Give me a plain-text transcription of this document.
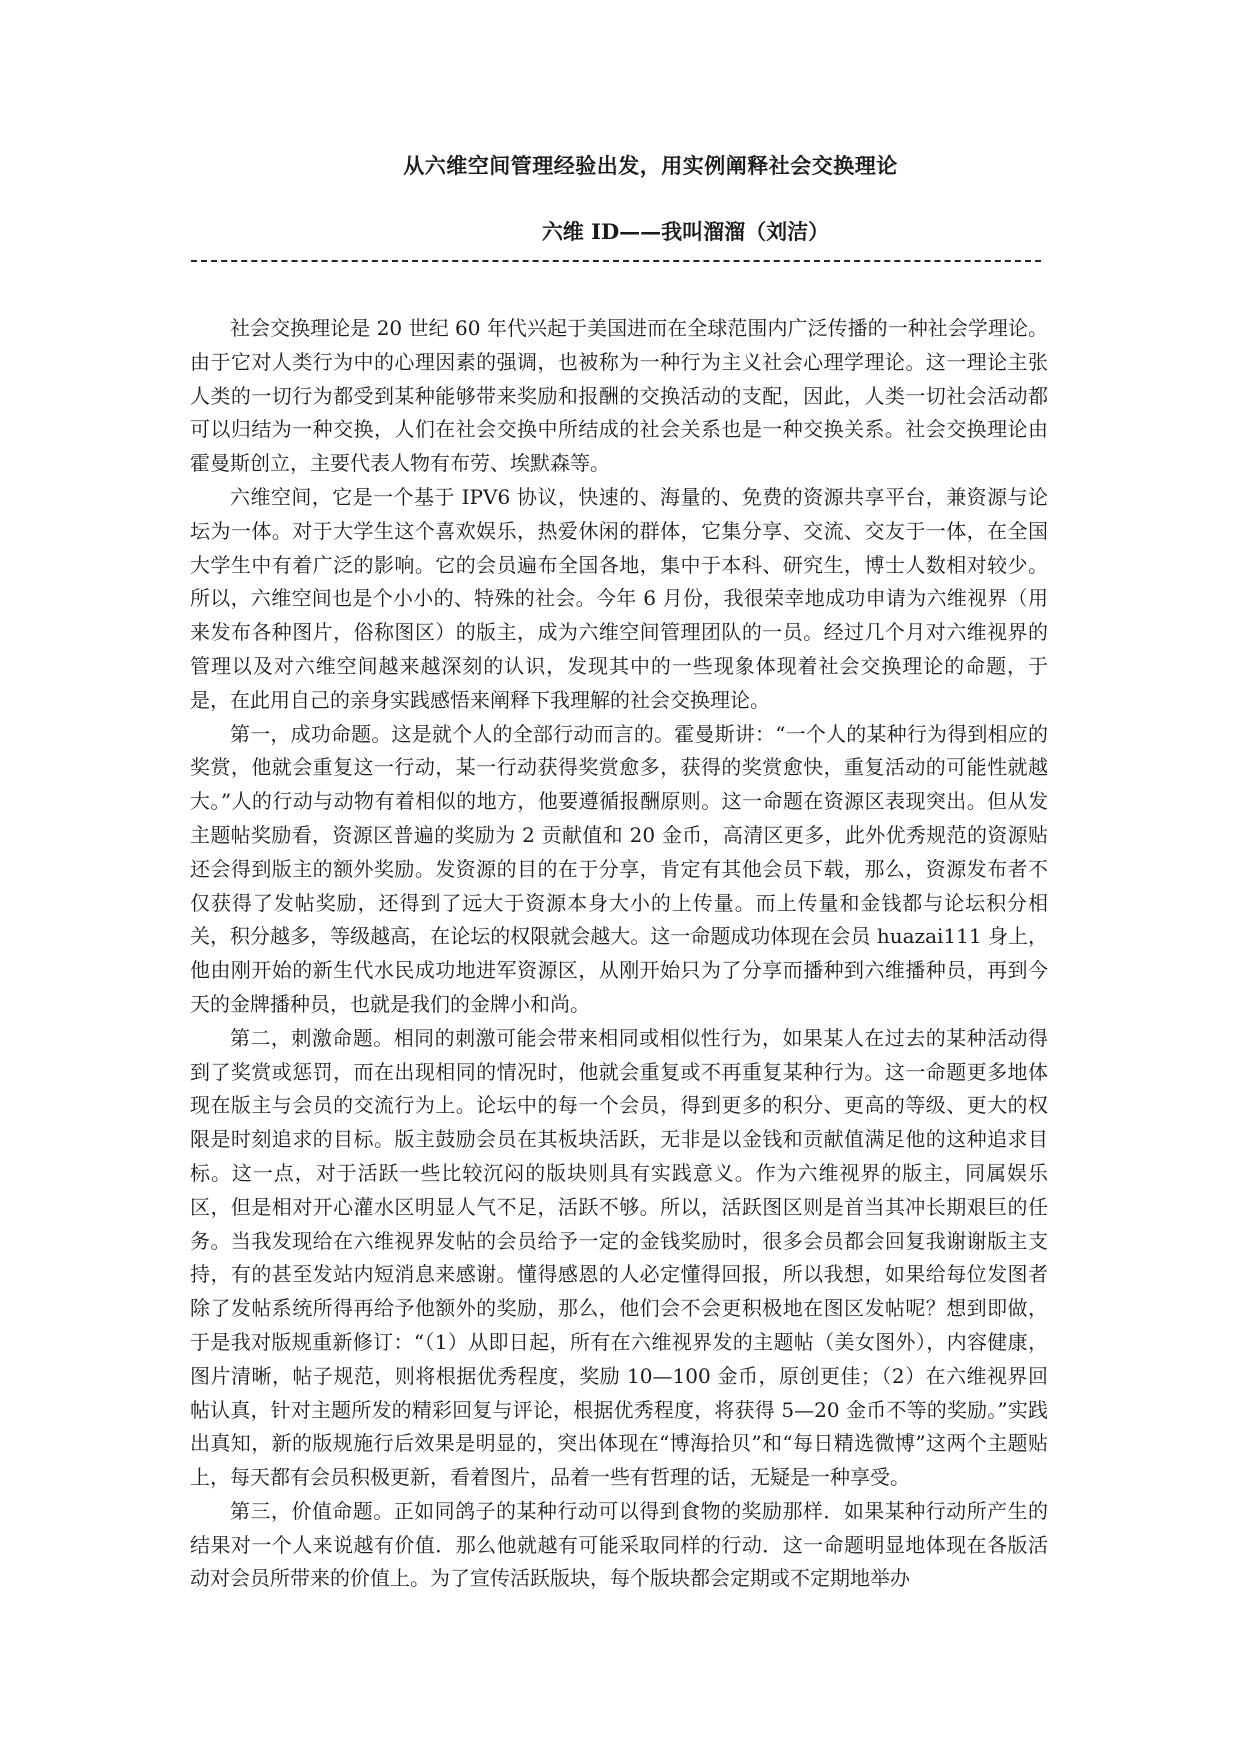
从六维空间管理经验出发，用实例阐释社会交换理论
六维 ID——我叫溜溜（刘洁）

社会交换理论是 20 世纪 60 年代兴起于美国进而在全球范围内广泛传播的一种社会学理论。由于它对人类行为中的心理因素的强调，也被称为一种行为主义社会心理学理论。这一理论主张人类的一切行为都受到某种能够带来奖励和报酬的交换活动的支配，因此，人类一切社会活动都可以归结为一种交换，人们在社会交换中所结成的社会关系也是一种交换关系。社会交换理论由霍曼斯创立，主要代表人物有布劳、埃默森等。

六维空间，它是一个基于 IPV6 协议，快速的、海量的、免费的资源共享平台，兼资源与论坛为一体。对于大学生这个喜欢娱乐，热爱休闲的群体，它集分享、交流、交友于一体，在全国大学生中有着广泛的影响。它的会员遍布全国各地，集中于本科、研究生，博士人数相对较少。所以，六维空间也是个小小的、特殊的社会。今年 6 月份，我很荣幸地成功申请为六维视界（用来发布各种图片，俗称图区）的版主，成为六维空间管理团队的一员。经过几个月对六维视界的管理以及对六维空间越来越深刻的认识，发现其中的一些现象体现着社会交换理论的命题，于是，在此用自己的亲身实践感悟来阐释下我理解的社会交换理论。

第一，成功命题。这是就个人的全部行动而言的。霍曼斯讲：“一个人的某种行为得到相应的奖赏，他就会重复这一行动，某一行动获得奖赏愈多，获得的奖赏愈快，重复活动的可能性就越大。”人的行动与动物有着相似的地方，他要遵循报酬原则。这一命题在资源区表现突出。但从发主题帖奖励看，资源区普遍的奖励为 2 贡献值和 20 金币，高清区更多，此外优秀规范的资源贴还会得到版主的额外奖励。发资源的目的在于分享，肯定有其他会员下载，那么，资源发布者不仅获得了发帖奖励，还得到了远大于资源本身大小的上传量。而上传量和金钱都与论坛积分相关，积分越多，等级越高，在论坛的权限就会越大。这一命题成功体现在会员 huazai111 身上，他由刚开始的新生代水民成功地进军资源区，从刚开始只为了分享而播种到六维播种员，再到今天的金牌播种员，也就是我们的金牌小和尚。

第二，刺激命题。相同的刺激可能会带来相同或相似性行为，如果某人在过去的某种活动得到了奖赏或惩罚，而在出现相同的情况时，他就会重复或不再重复某种行为。这一命题更多地体现在版主与会员的交流行为上。论坛中的每一个会员，得到更多的积分、更高的等级、更大的权限是时刻追求的目标。版主鼓励会员在其板块活跃，无非是以金钱和贡献值满足他的这种追求目标。这一点，对于活跃一些比较沉闷的版块则具有实践意义。作为六维视界的版主，同属娱乐区，但是相对开心灌水区明显人气不足，活跃不够。所以，活跃图区则是首当其冲长期艰巨的任务。当我发现给在六维视界发帖的会员给予一定的金钱奖励时，很多会员都会回复我谢谢版主支持，有的甚至发站内短消息来感谢。懂得感恩的人必定懂得回报，所以我想，如果给每位发图者除了发帖系统所得再给予他额外的奖励，那么，他们会不会更积极地在图区发帖呢？想到即做，于是我对版规重新修订：“（1）从即日起，所有在六维视界发的主题帖（美女图外），内容健康，图片清晰，帖子规范，则将根据优秀程度，奖励 10—100 金币，原创更佳；（2）在六维视界回帖认真，针对主题所发的精彩回复与评论，根据优秀程度，将获得 5—20 金币不等的奖励。”实践出真知，新的版规施行后效果是明显的，突出体现在“博海拾贝”和“每日精选微博”这两个主题贴上，每天都有会员积极更新，看着图片，品着一些有哲理的话，无疑是一种享受。

第三，价值命题。正如同鸽子的某种行动可以得到食物的奖励那样．如果某种行动所产生的结果对一个人来说越有价值．那么他就越有可能采取同样的行动．这一命题明显地体现在各版活动对会员所带来的价值上。为了宣传活跃版块，每个版块都会定期或不定期地举办
